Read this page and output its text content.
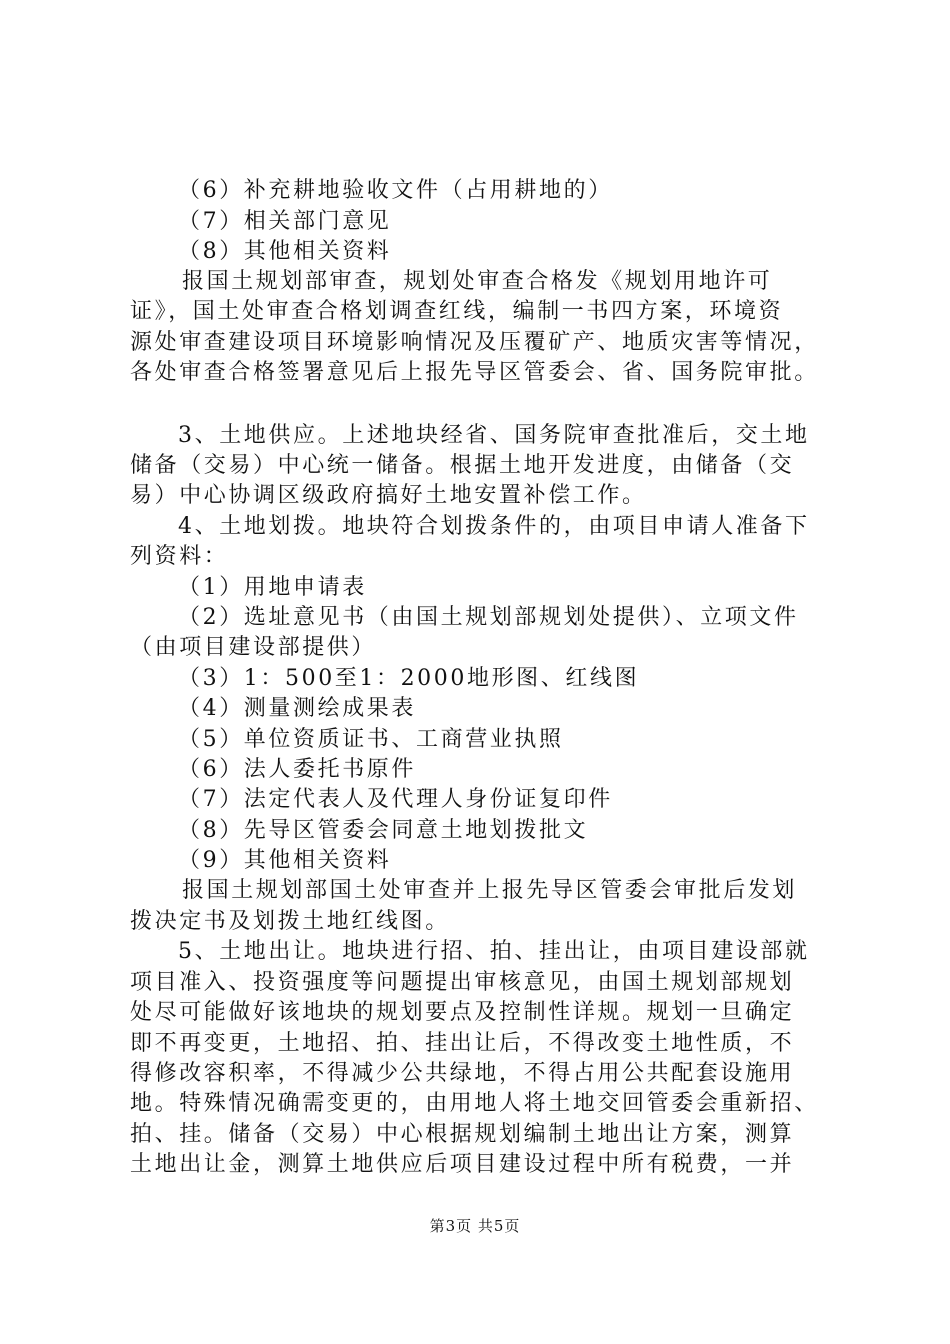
（6）补充耕地验收文件（占用耕地的）
（7）相关部门意见
（8）其他相关资料
报国土规划部审查，规划处审查合格发《规划用地许可
证》，国土处审查合格划调查红线，编制一书四方案，环境资
源处审查建设项目环境影响情况及压覆矿产、地质灾害等情况，
各处审查合格签署意见后上报先导区管委会、省、国务院审批。
3、土地供应。上述地块经省、国务院审查批准后，交土地
储备（交易）中心统一储备。根据土地开发进度，由储备（交
易）中心协调区级政府搞好土地安置补偿工作。
4、土地划拨。地块符合划拨条件的，由项目申请人准备下
列资料：
（1）用地申请表
（2）选址意见书（由国土规划部规划处提供）、立项文件
（由项目建设部提供）
（3）1：500至1：2000地形图、红线图
（4）测量测绘成果表
（5）单位资质证书、工商营业执照
（6）法人委托书原件
（7）法定代表人及代理人身份证复印件
（8）先导区管委会同意土地划拨批文
（9）其他相关资料
报国土规划部国土处审查并上报先导区管委会审批后发划
拨决定书及划拨土地红线图。
5、土地出让。地块进行招、拍、挂出让，由项目建设部就
项目准入、投资强度等问题提出审核意见，由国土规划部规划
处尽可能做好该地块的规划要点及控制性详规。规划一旦确定
即不再变更，土地招、拍、挂出让后，不得改变土地性质，不
得修改容积率，不得减少公共绿地，不得占用公共配套设施用
地。特殊情况确需变更的，由用地人将土地交回管委会重新招、
拍、挂。储备（交易）中心根据规划编制土地出让方案，测算
土地出让金，测算土地供应后项目建设过程中所有税费，一并
第3页 共5页
